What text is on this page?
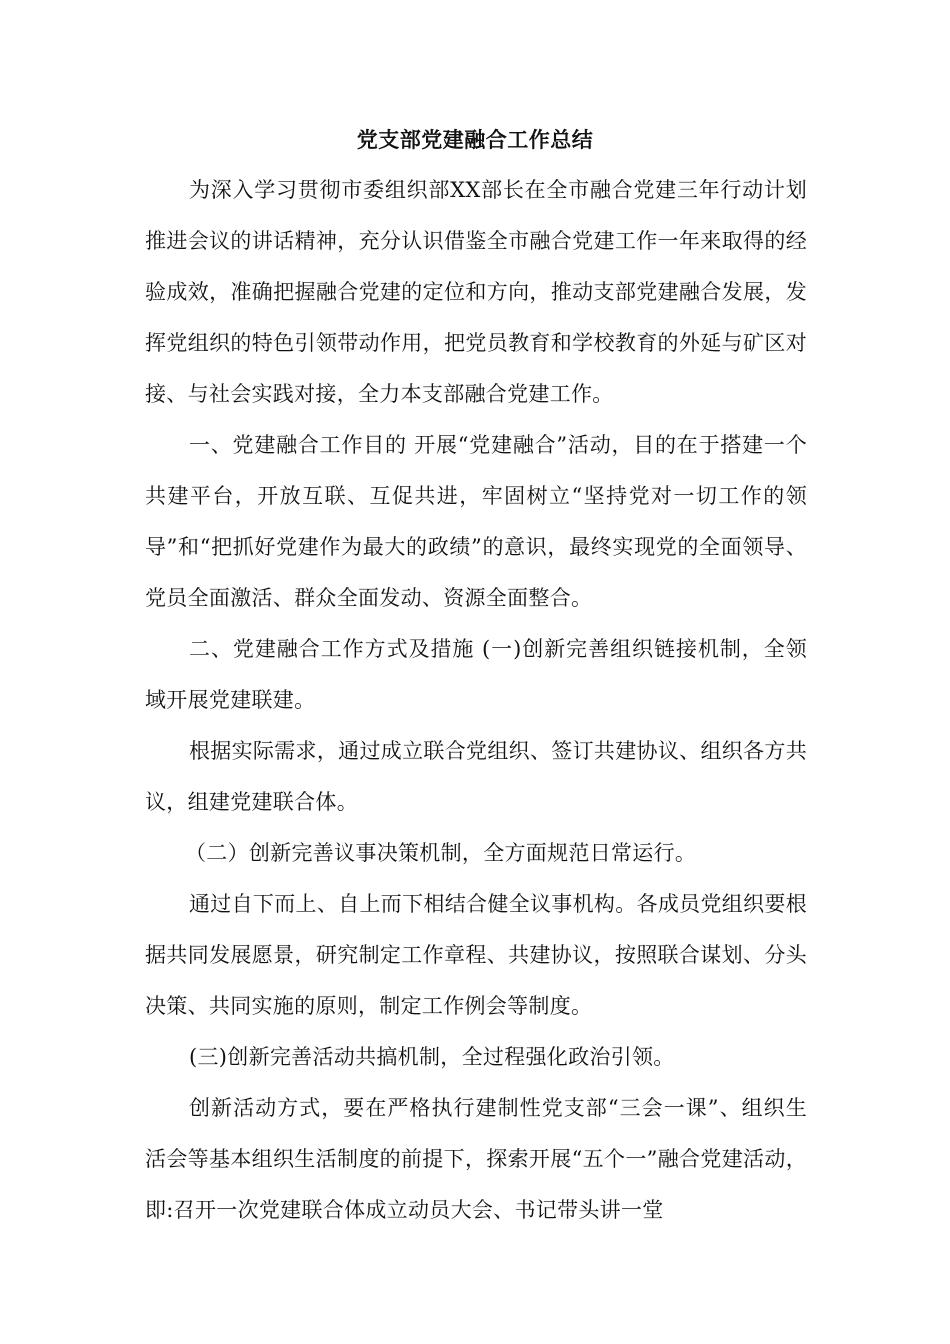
党支部党建融合工作总结

为深入学习贯彻市委组织部XX部长在全市融合党建三年行动计划推进会议的讲话精神，充分认识借鉴全市融合党建工作一年来取得的经验成效，准确把握融合党建的定位和方向，推动支部党建融合发展，发挥党组织的特色引领带动作用，把党员教育和学校教育的外延与矿区对接、与社会实践对接，全力本支部融合党建工作。

一、党建融合工作目的 开展“党建融合”活动，目的在于搭建一个共建平台，开放互联、互促共进，牢固树立“坚持党对一切工作的领导”和“把抓好党建作为最大的政绩”的意识，最终实现党的全面领导、党员全面激活、群众全面发动、资源全面整合。

二、党建融合工作方式及措施 (一)创新完善组织链接机制，全领域开展党建联建。

根据实际需求，通过成立联合党组织、签订共建协议、组织各方共议，组建党建联合体。

（二）创新完善议事决策机制，全方面规范日常运行。

通过自下而上、自上而下相结合健全议事机构。各成员党组织要根据共同发展愿景，研究制定工作章程、共建协议，按照联合谋划、分头决策、共同实施的原则，制定工作例会等制度。

(三)创新完善活动共搞机制，全过程强化政治引领。

创新活动方式，要在严格执行建制性党支部“三会一课”、组织生活会等基本组织生活制度的前提下，探索开展“五个一”融合党建活动，即:召开一次党建联合体成立动员大会、书记带头讲一堂
